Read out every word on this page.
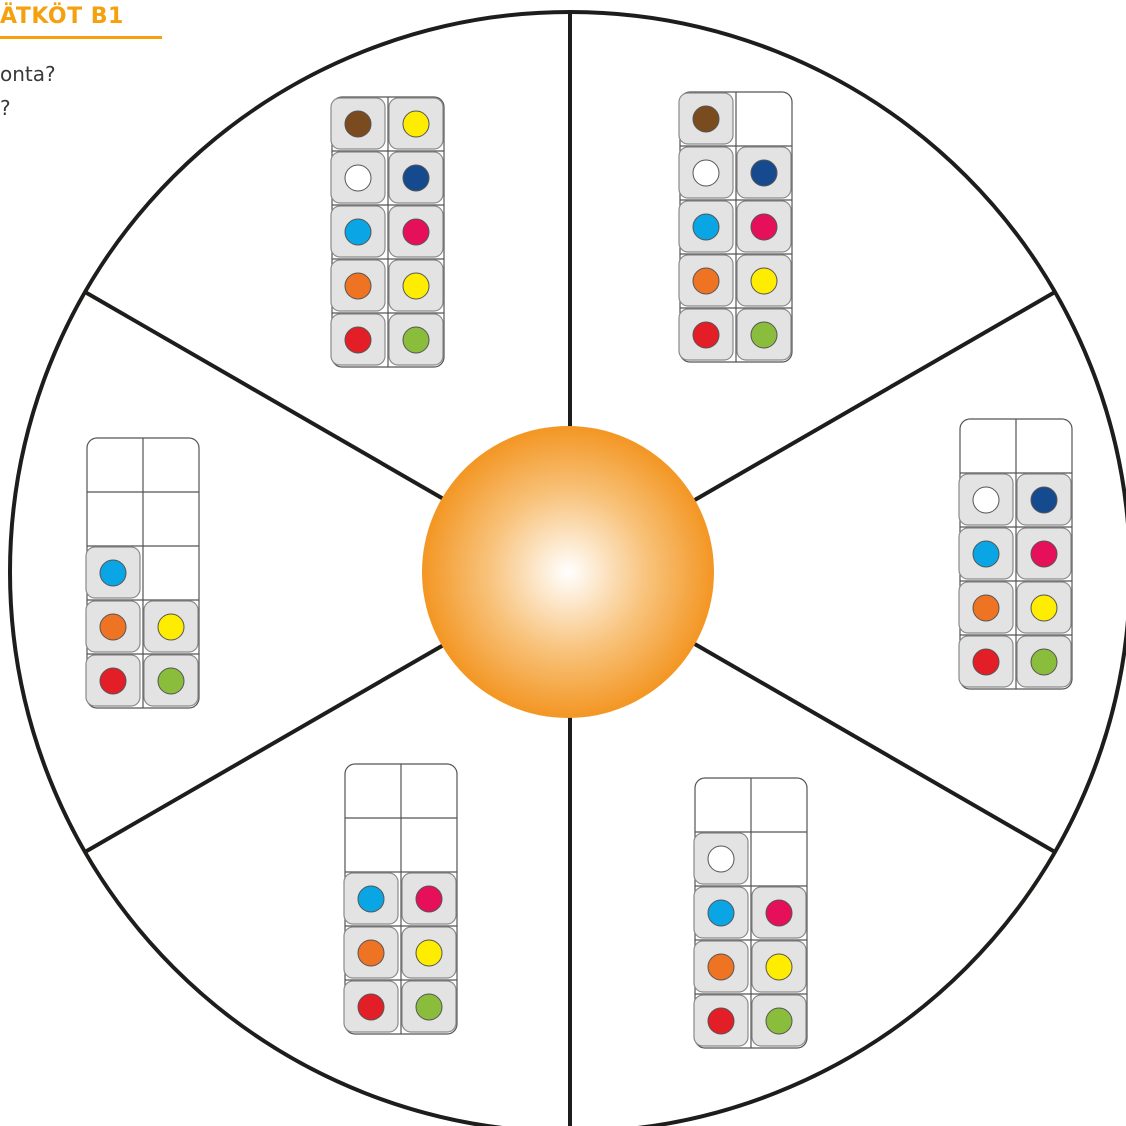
ÄTKÖT B1
onta?
?
